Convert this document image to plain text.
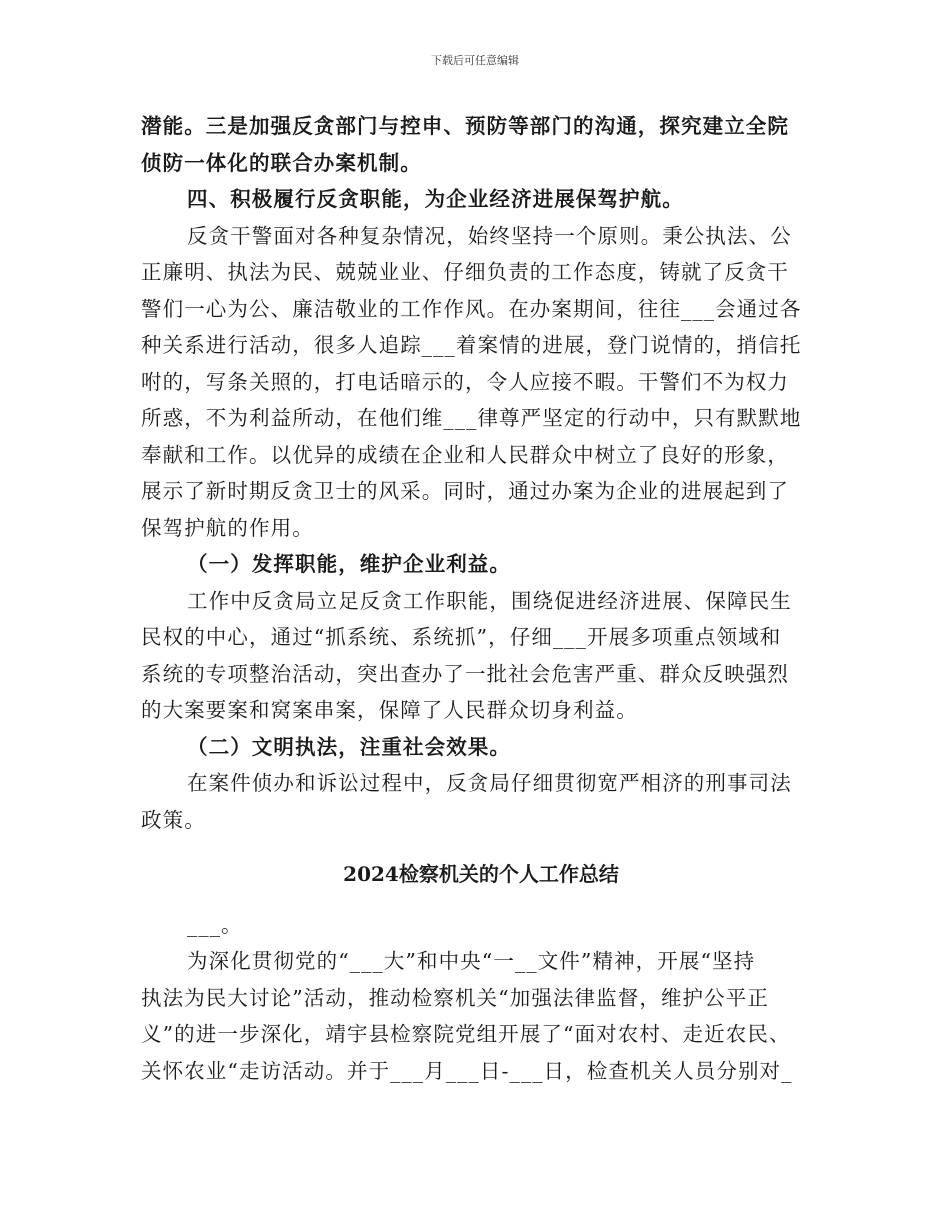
下载后可任意编辑
潜能。三是加强反贪部门与控申、预防等部门的沟通，探究建立全院
侦防一体化的联合办案机制。
四、积极履行反贪职能，为企业经济进展保驾护航。
反贪干警面对各种复杂情况，始终坚持一个原则。秉公执法、公
正廉明、执法为民、兢兢业业、仔细负责的工作态度，铸就了反贪干
警们一心为公、廉洁敬业的工作作风。在办案期间，往往___会通过各
种关系进行活动，很多人追踪___着案情的进展，登门说情的，捎信托
咐的，写条关照的，打电话暗示的，令人应接不暇。干警们不为权力
所惑，不为利益所动，在他们维___律尊严坚定的行动中，只有默默地
奉献和工作。以优异的成绩在企业和人民群众中树立了良好的形象，
展示了新时期反贪卫士的风采。同时，通过办案为企业的进展起到了
保驾护航的作用。
（一）发挥职能，维护企业利益。
工作中反贪局立足反贪工作职能，围绕促进经济进展、保障民生
民权的中心，通过“抓系统、系统抓”，仔细___开展多项重点领域和
系统的专项整治活动，突出查办了一批社会危害严重、群众反映强烈
的大案要案和窝案串案，保障了人民群众切身利益。
（二）文明执法，注重社会效果。
在案件侦办和诉讼过程中，反贪局仔细贯彻宽严相济的刑事司法
政策。
2024检察机关的个人工作总结
___。
为深化贯彻党的“___大”和中央“一__文件”精神，开展“坚持
执法为民大讨论”活动，推动检察机关“加强法律监督，维护公平正
义”的进一步深化，靖宇县检察院党组开展了“面对农村、走近农民、
关怀农业“走访活动。并于___月___日-___日，检查机关人员分别对_
